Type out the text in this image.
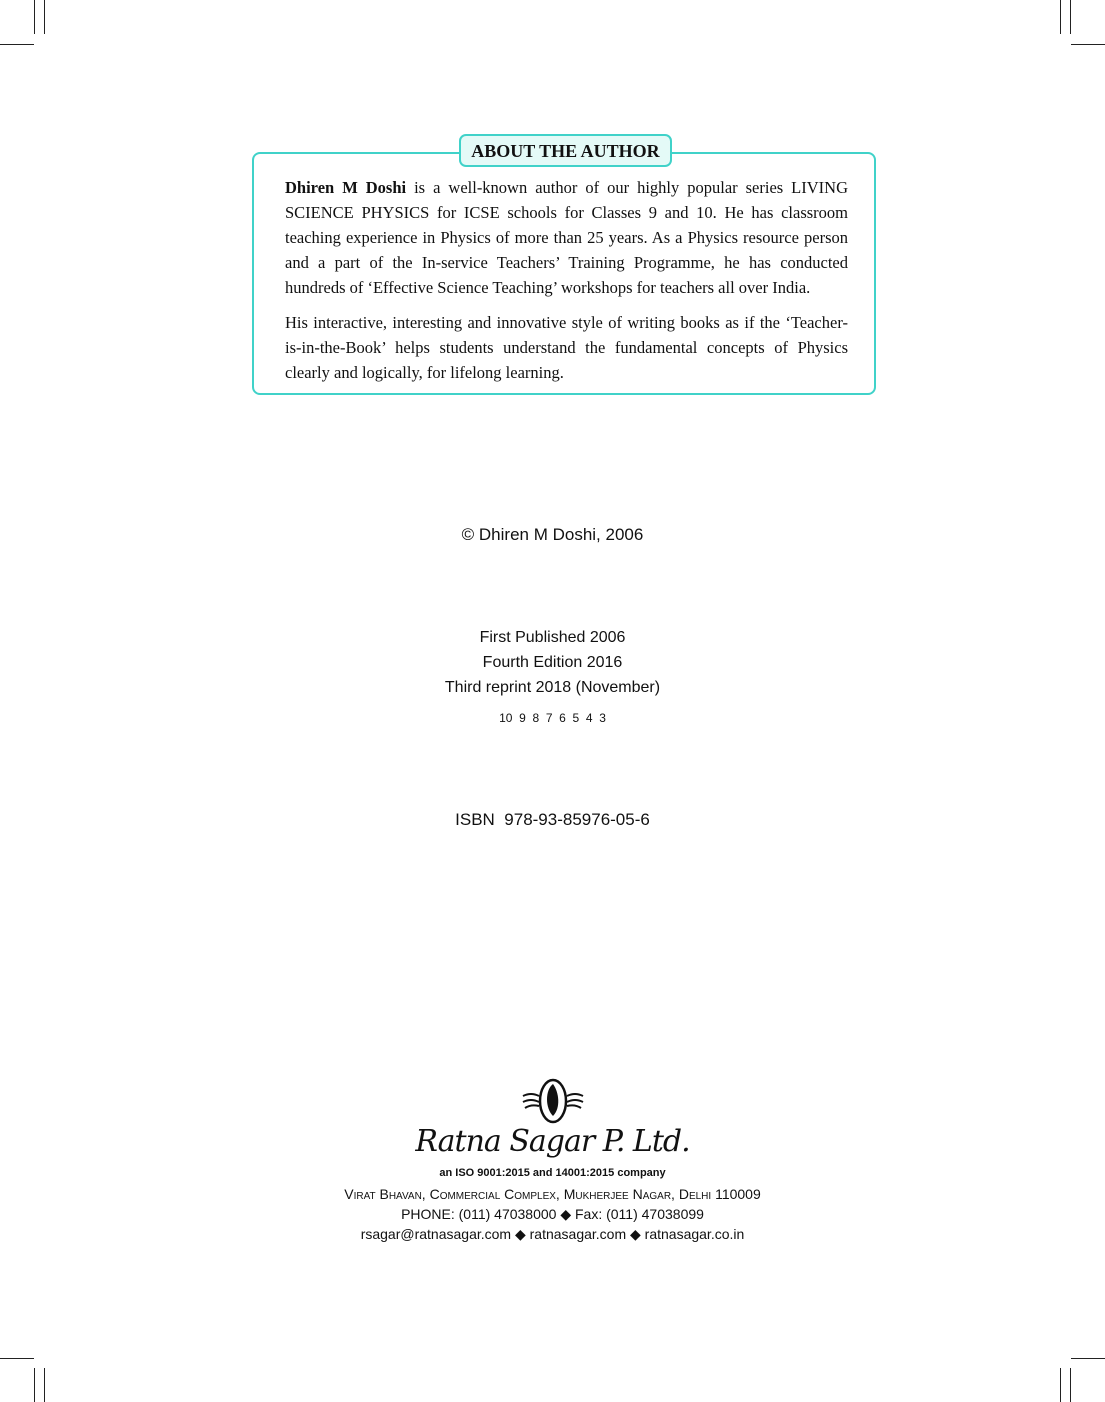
ABOUT THE AUTHOR

Dhiren M Doshi is a well-known author of our highly popular series LIVING SCIENCE PHYSICS for ICSE schools for Classes 9 and 10. He has classroom teaching experience in Physics of more than 25 years. As a Physics resource person and a part of the In-service Teachers’ Training Programme, he has conducted hundreds of ‘Effective Science Teaching’ workshops for teachers all over India.

His interactive, interesting and innovative style of writing books as if the ‘Teacher-is-in-the-Book’ helps students understand the fundamental concepts of Physics clearly and logically, for lifelong learning.

© Dhiren M Doshi, 2006
First Published 2006
Fourth Edition 2016
Third reprint 2018 (November)
10  9  8  7  6  5  4  3
ISBN  978-93-85976-05-6
Ratna Sagar P. Ltd.
an ISO 9001:2015 and 14001:2015 company
Virat Bhavan, Commercial Complex, Mukherjee Nagar, Delhi 110009
PHONE: (011) 47038000 ◆ Fax: (011) 47038099
rsagar@ratnasagar.com ◆ ratnasagar.com ◆ ratnasagar.co.in
